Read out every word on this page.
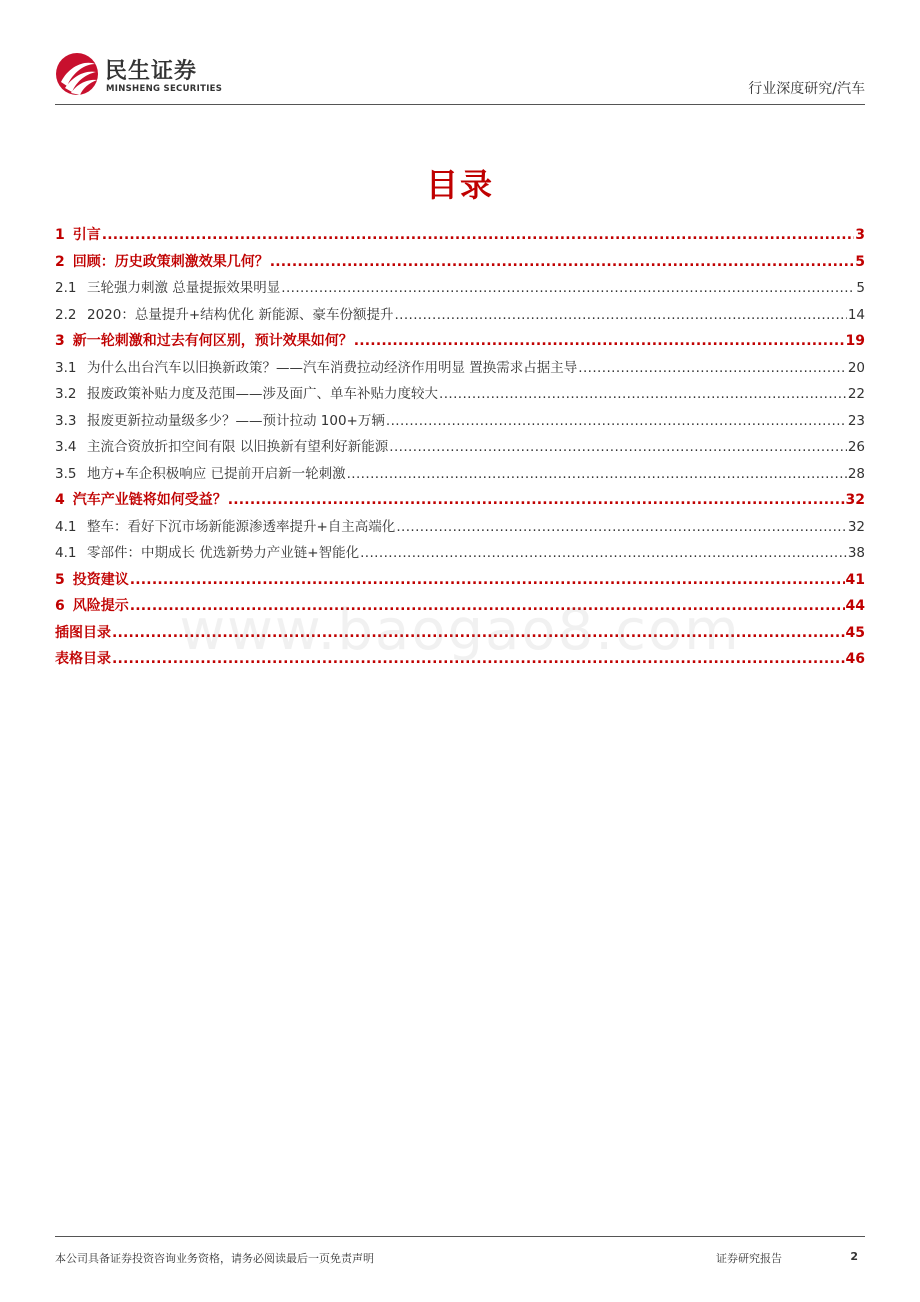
民生证券
MINSHENG SECURITIES	行业深度研究/汽车
目录
1 引言 .....	3
2 回顾：历史政策刺激效果几何？ .....	5
2.1 三轮强力刺激 总量提振效果明显 .....	5
2.2 2020：总量提升+结构优化 新能源、豪车份额提升 .....	14
3 新一轮刺激和过去有何区别，预计效果如何？ .....	19
3.1 为什么出台汽车以旧换新政策？——汽车消费拉动经济作用明显 置换需求占据主导 .....	20
3.2 报废政策补贴力度及范围——涉及面广、单车补贴力度较大 .....	22
3.3 报废更新拉动量级多少？——预计拉动 100+万辆 .....	23
3.4 主流合资放折扣空间有限 以旧换新有望利好新能源 .....	26
3.5 地方+车企积极响应 已提前开启新一轮刺激 .....	28
4 汽车产业链将如何受益？ .....	32
4.1 整车：看好下沉市场新能源渗透率提升+自主高端化 .....	32
4.1 零部件：中期成长 优选新势力产业链+智能化 .....	38
5 投资建议 .....	41
6 风险提示 .....	44
插图目录 .....	45
表格目录 .....	46
www.baogao8.com
本公司具备证券投资咨询业务资格，请务必阅读最后一页免责声明	证券研究报告	2
